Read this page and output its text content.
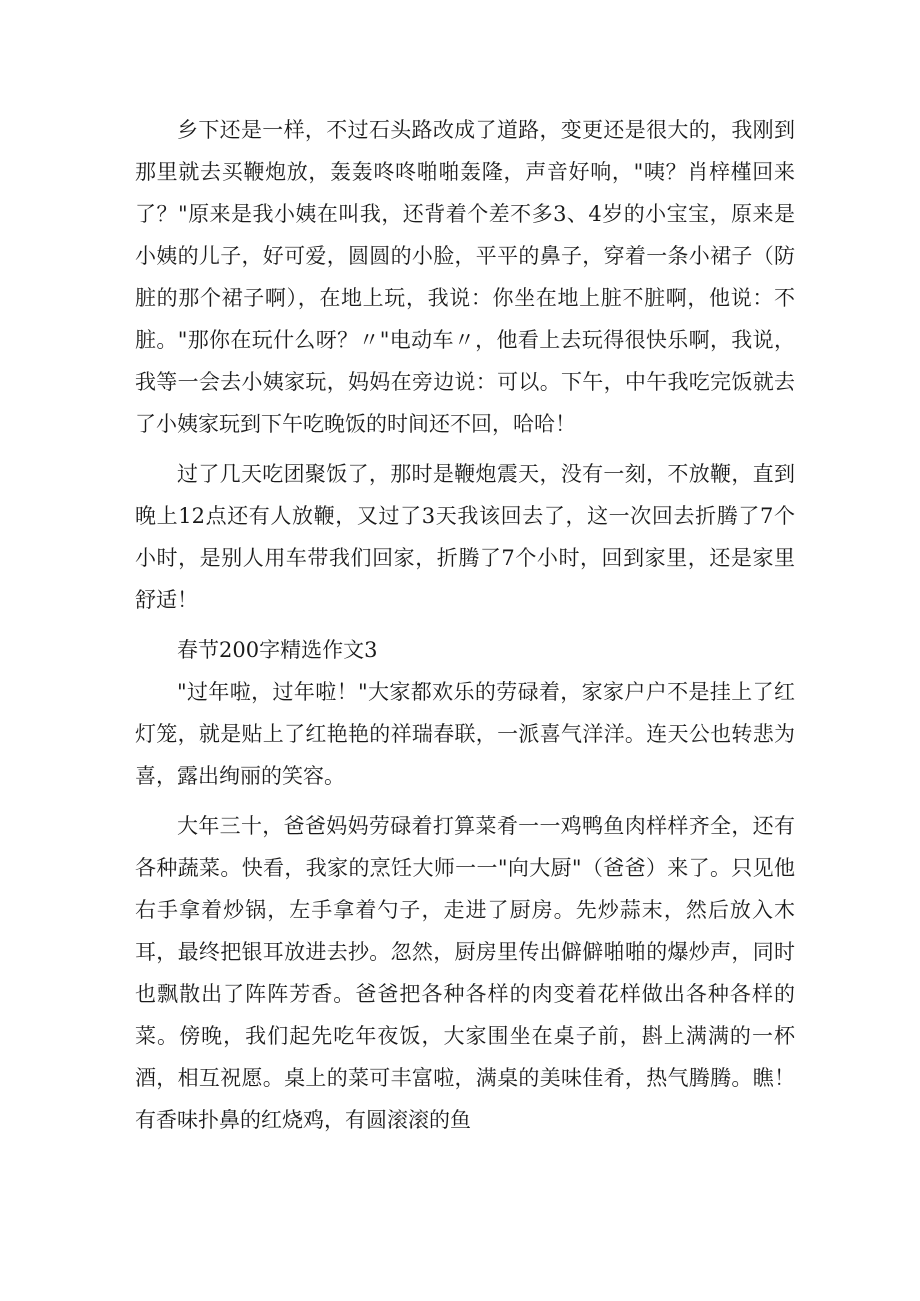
乡下还是一样，不过石头路改成了道路，变更还是很大的，我刚到那里就去买鞭炮放，轰轰咚咚啪啪轰隆，声音好响，"咦？肖梓槿回来了？"原来是我小姨在叫我，还背着个差不多3、4岁的小宝宝，原来是小姨的儿子，好可爱，圆圆的小脸，平平的鼻子，穿着一条小裙子（防脏的那个裙子啊），在地上玩，我说：你坐在地上脏不脏啊，他说：不脏。"那你在玩什么呀？〃"电动车〃，他看上去玩得很快乐啊，我说，我等一会去小姨家玩，妈妈在旁边说：可以。下午，中午我吃完饭就去了小姨家玩到下午吃晚饭的时间还不回，哈哈！

过了几天吃团聚饭了，那时是鞭炮震天，没有一刻，不放鞭，直到晚上12点还有人放鞭，又过了3天我该回去了，这一次回去折腾了7个小时，是别人用车带我们回家，折腾了7个小时，回到家里，还是家里舒适！

春节200字精选作文3

"过年啦，过年啦！"大家都欢乐的劳碌着，家家户户不是挂上了红灯笼，就是贴上了红艳艳的祥瑞春联，一派喜气洋洋。连天公也转悲为喜，露出绚丽的笑容。

大年三十，爸爸妈妈劳碌着打算菜肴一一鸡鸭鱼肉样样齐全，还有各种蔬菜。快看，我家的烹饪大师一一"向大厨"（爸爸）来了。只见他右手拿着炒锅，左手拿着勺子，走进了厨房。先炒蒜末，然后放入木耳，最终把银耳放进去抄。忽然，厨房里传出僻僻啪啪的爆炒声，同时也飘散出了阵阵芳香。爸爸把各种各样的肉变着花样做出各种各样的菜。傍晚，我们起先吃年夜饭，大家围坐在桌子前，斟上满满的一杯酒，相互祝愿。桌上的菜可丰富啦，满桌的美味佳肴，热气腾腾。瞧！有香味扑鼻的红烧鸡，有圆滚滚的鱼
